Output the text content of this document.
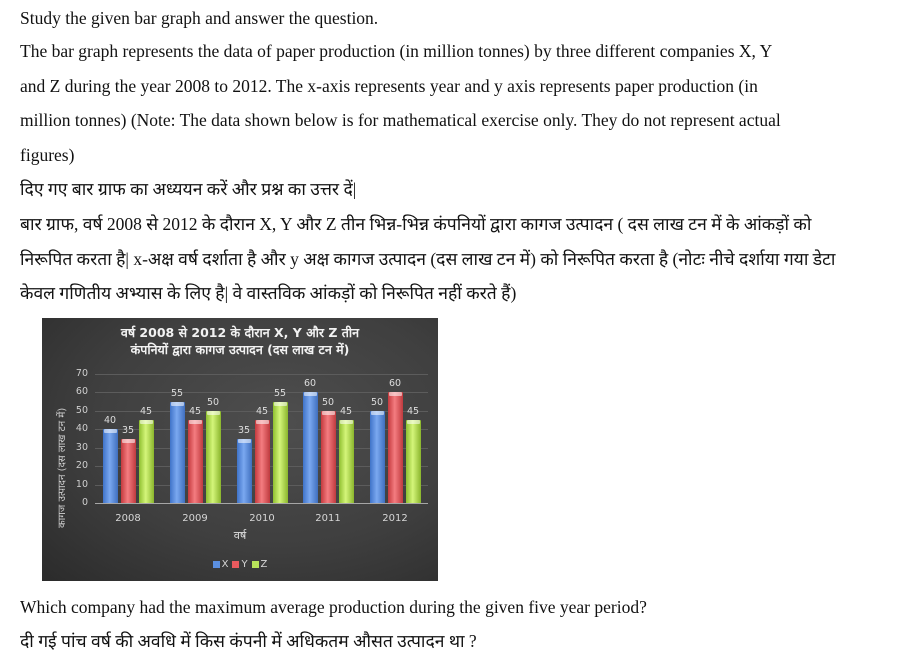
Study the given bar graph and answer the question.

The bar graph represents the data of paper production (in million tonnes) by three different companies X, Y

and Z during the year 2008 to 2012. The x-axis represents year and y axis represents paper production (in

million tonnes) (Note: The data shown below is for mathematical exercise only. They do not represent actual

figures)

दिए गए बार ग्राफ का अध्ययन करें और प्रश्न का उत्तर दें|

बार ग्राफ, वर्ष 2008 से 2012 के दौरान X, Y और Z तीन भिन्न-भिन्न कंपनियों द्वारा कागज उत्पादन ( दस लाख टन में के आंकड़ों को

निरूपित करता है| x-अक्ष वर्ष दर्शाता है और y अक्ष कागज उत्पादन (दस लाख टन में) को निरूपित करता है (नोटः नीचे दर्शाया गया डेटा

केवल गणितीय अभ्यास के लिए है| वे वास्तविक आंकड़ों को निरूपित नहीं करते हैं)

वर्ष 2008 से 2012 के दौरान X, Y और Z तीन
कंपनियों द्वारा कागज उत्पादन (दस लाख टन में)
कागज उत्पादन (दस लाख टन में)	0
10
20
30
40
50
60
70
40
35
45
2008
55
45
50
2009
35
45
55
2010
60
50
45
2011
50
60
45
2012
वर्ष
X Y Z

Which company had the maximum average production during the given five year period?

दी गई पांच वर्ष की अवधि में किस कंपनी में अधिकतम औसत उत्पादन था ?
